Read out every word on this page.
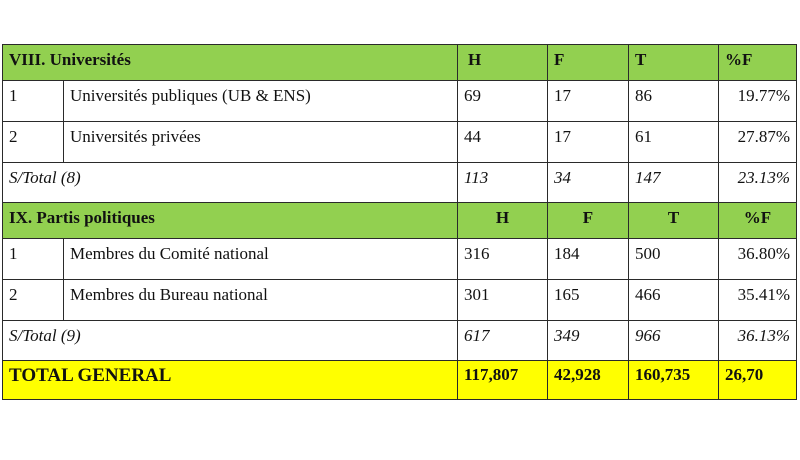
VIII. Universités		H	F	T	%F
1	Universités publiques (UB & ENS)	69	17	86	19.77%
2	Universités privées	44	17	61	27.87%
S/Total (8)		113	34	147	23.13%
IX. Partis politiques		H	F	T	%F
1	Membres du Comité national	316	184	500	36.80%
2	Membres du Bureau national	301	165	466	35.41%
S/Total (9)		617	349	966	36.13%
TOTAL GENERAL		117,807	42,928	160,735	26,70
